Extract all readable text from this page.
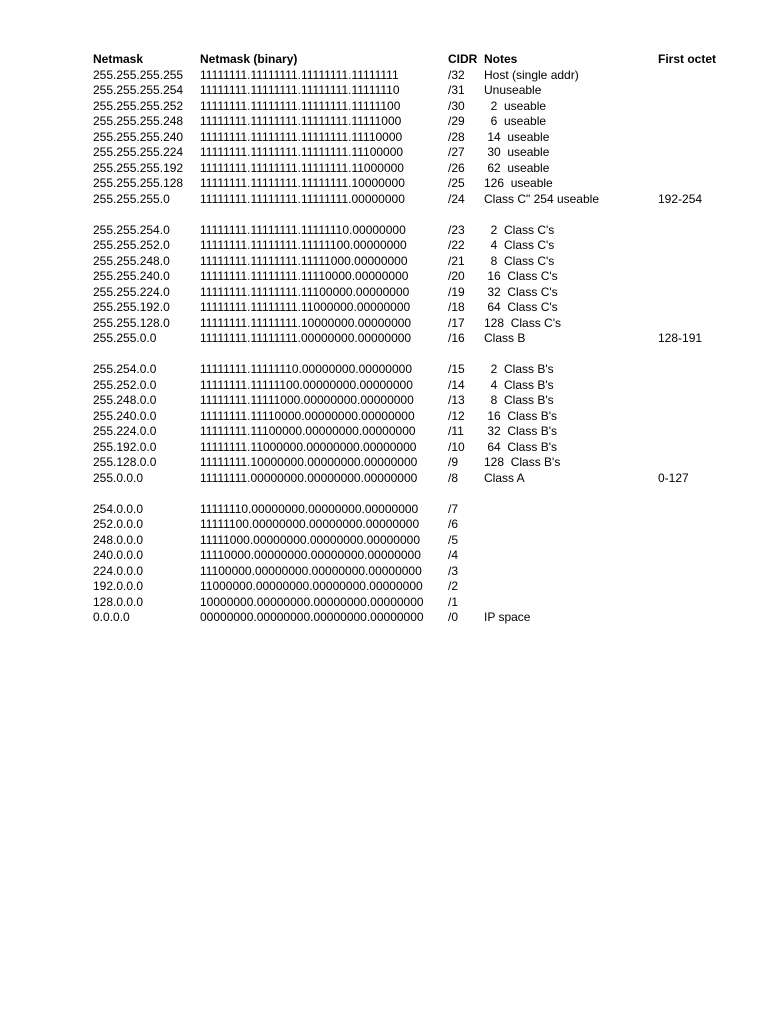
Netmask	Netmask (binary)	CIDR	Notes	First octet
255.255.255.255	11111111.11111111.11111111.11111111	/32	Host (single addr)	
255.255.255.254	11111111.11111111.11111111.11111110	/31	Unuseable	
255.255.255.252	11111111.11111111.11111111.11111100	/30	2  useable	
255.255.255.248	11111111.11111111.11111111.11111000	/29	6  useable	
255.255.255.240	11111111.11111111.11111111.11110000	/28	14  useable	
255.255.255.224	11111111.11111111.11111111.11100000	/27	30  useable	
255.255.255.192	11111111.11111111.11111111.11000000	/26	62  useable	
255.255.255.128	11111111.11111111.11111111.10000000	/25	126  useable	
255.255.255.0	11111111.11111111.11111111.00000000	/24	Class C" 254 useable	192-254

255.255.254.0	11111111.11111111.11111110.00000000	/23	2  Class C's	
255.255.252.0	11111111.11111111.11111100.00000000	/22	4  Class C's	
255.255.248.0	11111111.11111111.11111000.00000000	/21	8  Class C's	
255.255.240.0	11111111.11111111.11110000.00000000	/20	16  Class C's	
255.255.224.0	11111111.11111111.11100000.00000000	/19	32  Class C's	
255.255.192.0	11111111.11111111.11000000.00000000	/18	64  Class C's	
255.255.128.0	11111111.11111111.10000000.00000000	/17	128  Class C's	
255.255.0.0	11111111.11111111.00000000.00000000	/16	Class B	128-191

255.254.0.0	11111111.11111110.00000000.00000000	/15	2  Class B's	
255.252.0.0	11111111.11111100.00000000.00000000	/14	4  Class B's	
255.248.0.0	11111111.11111000.00000000.00000000	/13	8  Class B's	
255.240.0.0	11111111.11110000.00000000.00000000	/12	16  Class B's	
255.224.0.0	11111111.11100000.00000000.00000000	/11	32  Class B's	
255.192.0.0	11111111.11000000.00000000.00000000	/10	64  Class B's	
255.128.0.0	11111111.10000000.00000000.00000000	/9	128  Class B's	
255.0.0.0	11111111.00000000.00000000.00000000	/8	Class A	0-127

254.0.0.0	11111110.00000000.00000000.00000000	/7		
252.0.0.0	11111100.00000000.00000000.00000000	/6		
248.0.0.0	11111000.00000000.00000000.00000000	/5		
240.0.0.0	11110000.00000000.00000000.00000000	/4		
224.0.0.0	11100000.00000000.00000000.00000000	/3		
192.0.0.0	11000000.00000000.00000000.00000000	/2		
128.0.0.0	10000000.00000000.00000000.00000000	/1		
0.0.0.0	00000000.00000000.00000000.00000000	/0	IP space	
